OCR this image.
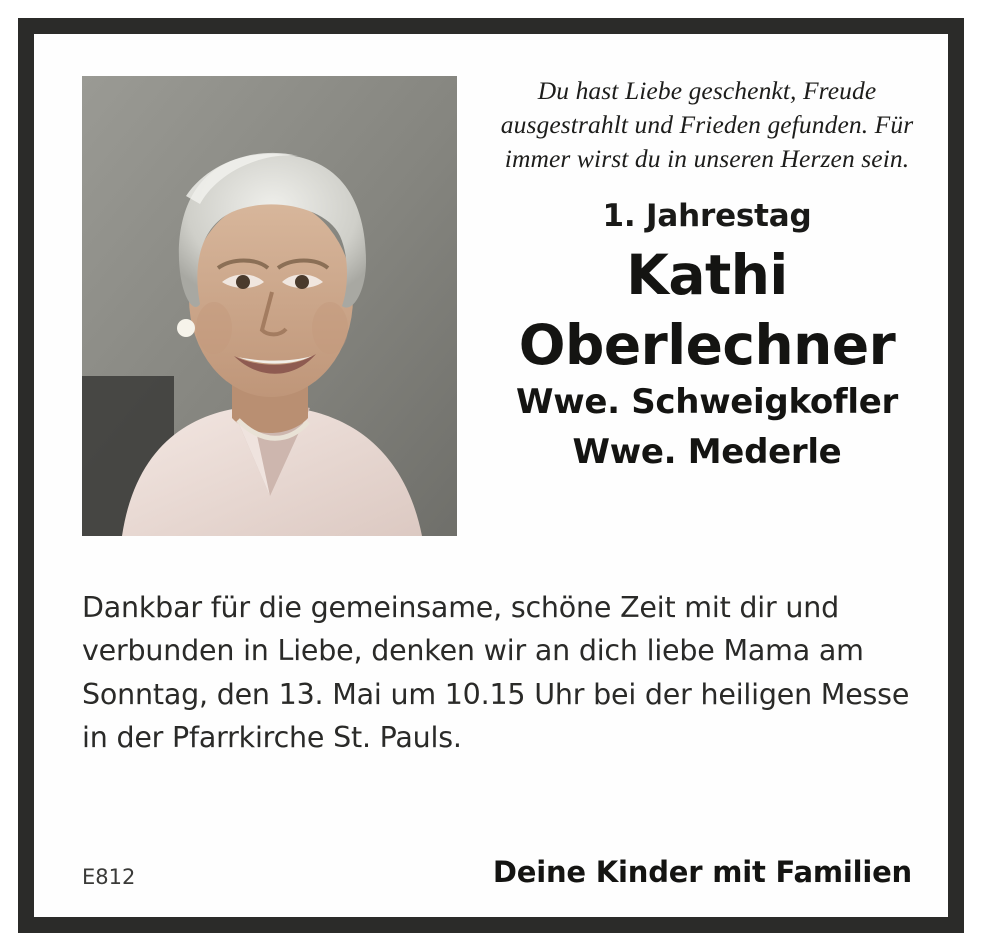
Du hast Liebe geschenkt, Freude ausgestrahlt und Frieden gefunden. Für immer wirst du in unseren Herzen sein.
1. Jahrestag
Kathi
Oberlechner
Wwe. Schweigkofler
Wwe. Mederle
Dankbar für die gemeinsame, schöne Zeit mit dir und verbunden in Liebe, denken wir an dich liebe Mama am Sonntag, den 13. Mai um 10.15 Uhr bei der heiligen Messe in der Pfarrkirche St. Pauls.
E812	Deine Kinder mit Familien
